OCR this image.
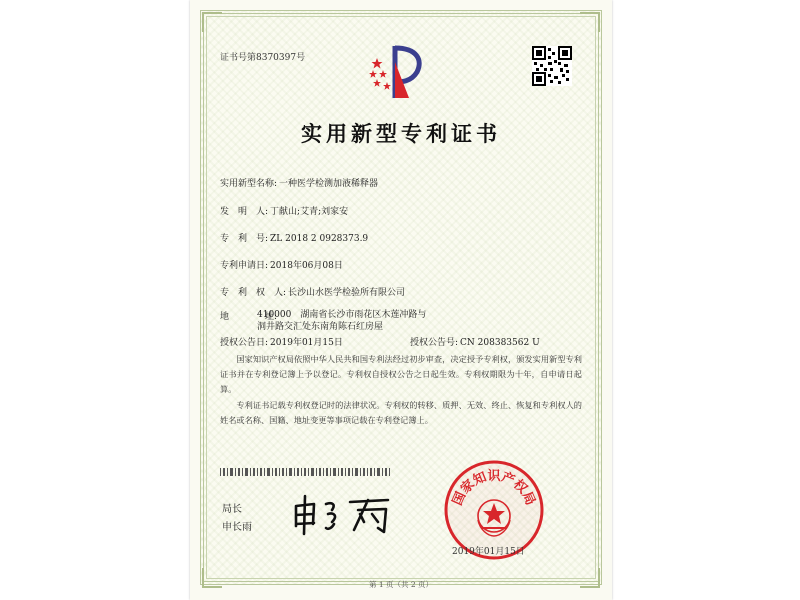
证书号第8370397号
实用新型专利证书
实用新型名称: 一种医学检测加液稀释器
发　明　人: 丁献山;艾青;刘家安
专　利　号: ZL 2018 2 0928373.9
专利申请日: 2018年06月08日
专　利　权　人: 长沙山水医学检验所有限公司
地　　　　址:
410000　湖南省长沙市雨花区木莲冲路与洞井路交汇处东南角陈石红房屋
授权公告日: 2019年01月15日	授权公告号: CN 208383562 U
国家知识产权局依照中华人民共和国专利法经过初步审查，决定授予专利权，颁发实用新型专利证书并在专利登记簿上予以登记。专利权自授权公告之日起生效。专利权期限为十年，自申请日起算。
专利证书记载专利权登记时的法律状况。专利权的转移、质押、无效、终止、恢复和专利权人的姓名或名称、国籍、地址变更等事项记载在专利登记簿上。
局长
申长雨
国家知识产权局
2019年01月15日
第 1 页（共 2 页）
